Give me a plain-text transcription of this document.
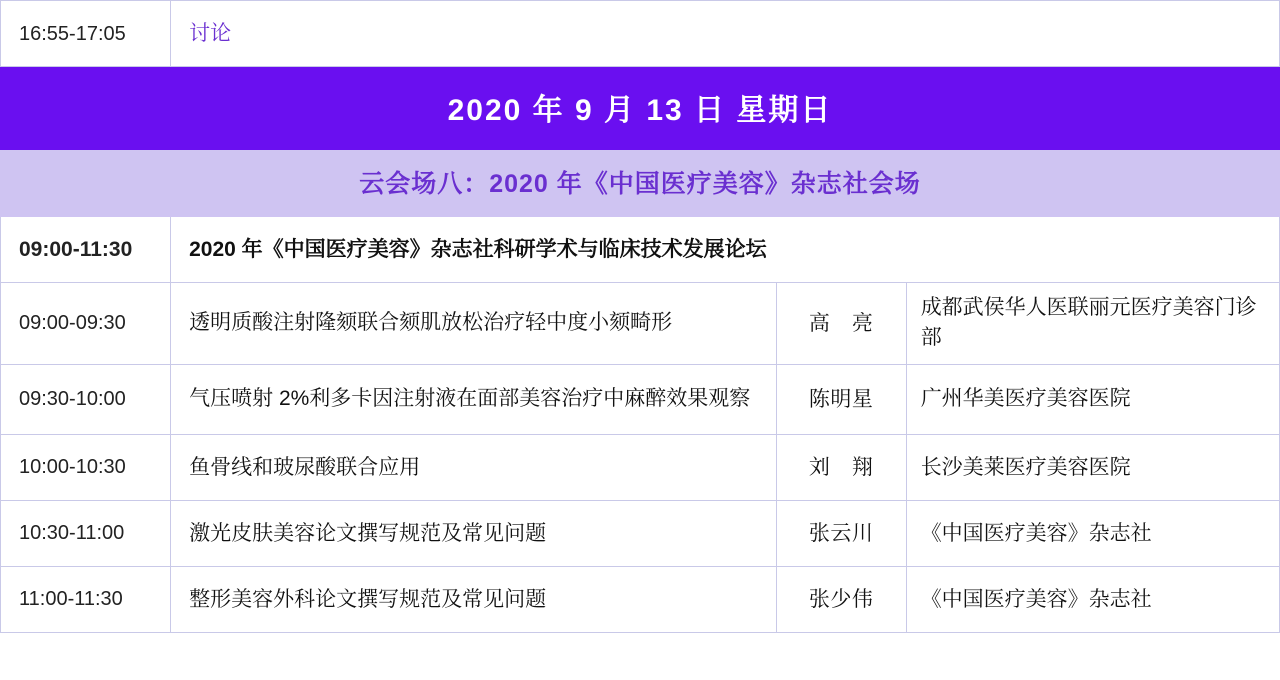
16:55-17:05	讨论		

2020 年 9 月 13 日 星期日			

云会场八：2020 年《中国医疗美容》杂志社会场			

09:00-11:30	2020 年《中国医疗美容》杂志社科研学术与临床技术发展论坛		

09:00-09:30	透明质酸注射隆颏联合颏肌放松治疗轻中度小颏畸形	高　亮	成都武侯华人医联丽元医疗美容门诊部

09:30-10:00	气压喷射 2%利多卡因注射液在面部美容治疗中麻醉效果观察	陈明星	广州华美医疗美容医院

10:00-10:30	鱼骨线和玻尿酸联合应用	刘　翔	长沙美莱医疗美容医院

10:30-11:00	激光皮肤美容论文撰写规范及常见问题	张云川	《中国医疗美容》杂志社

11:00-11:30	整形美容外科论文撰写规范及常见问题	张少伟	《中国医疗美容》杂志社
